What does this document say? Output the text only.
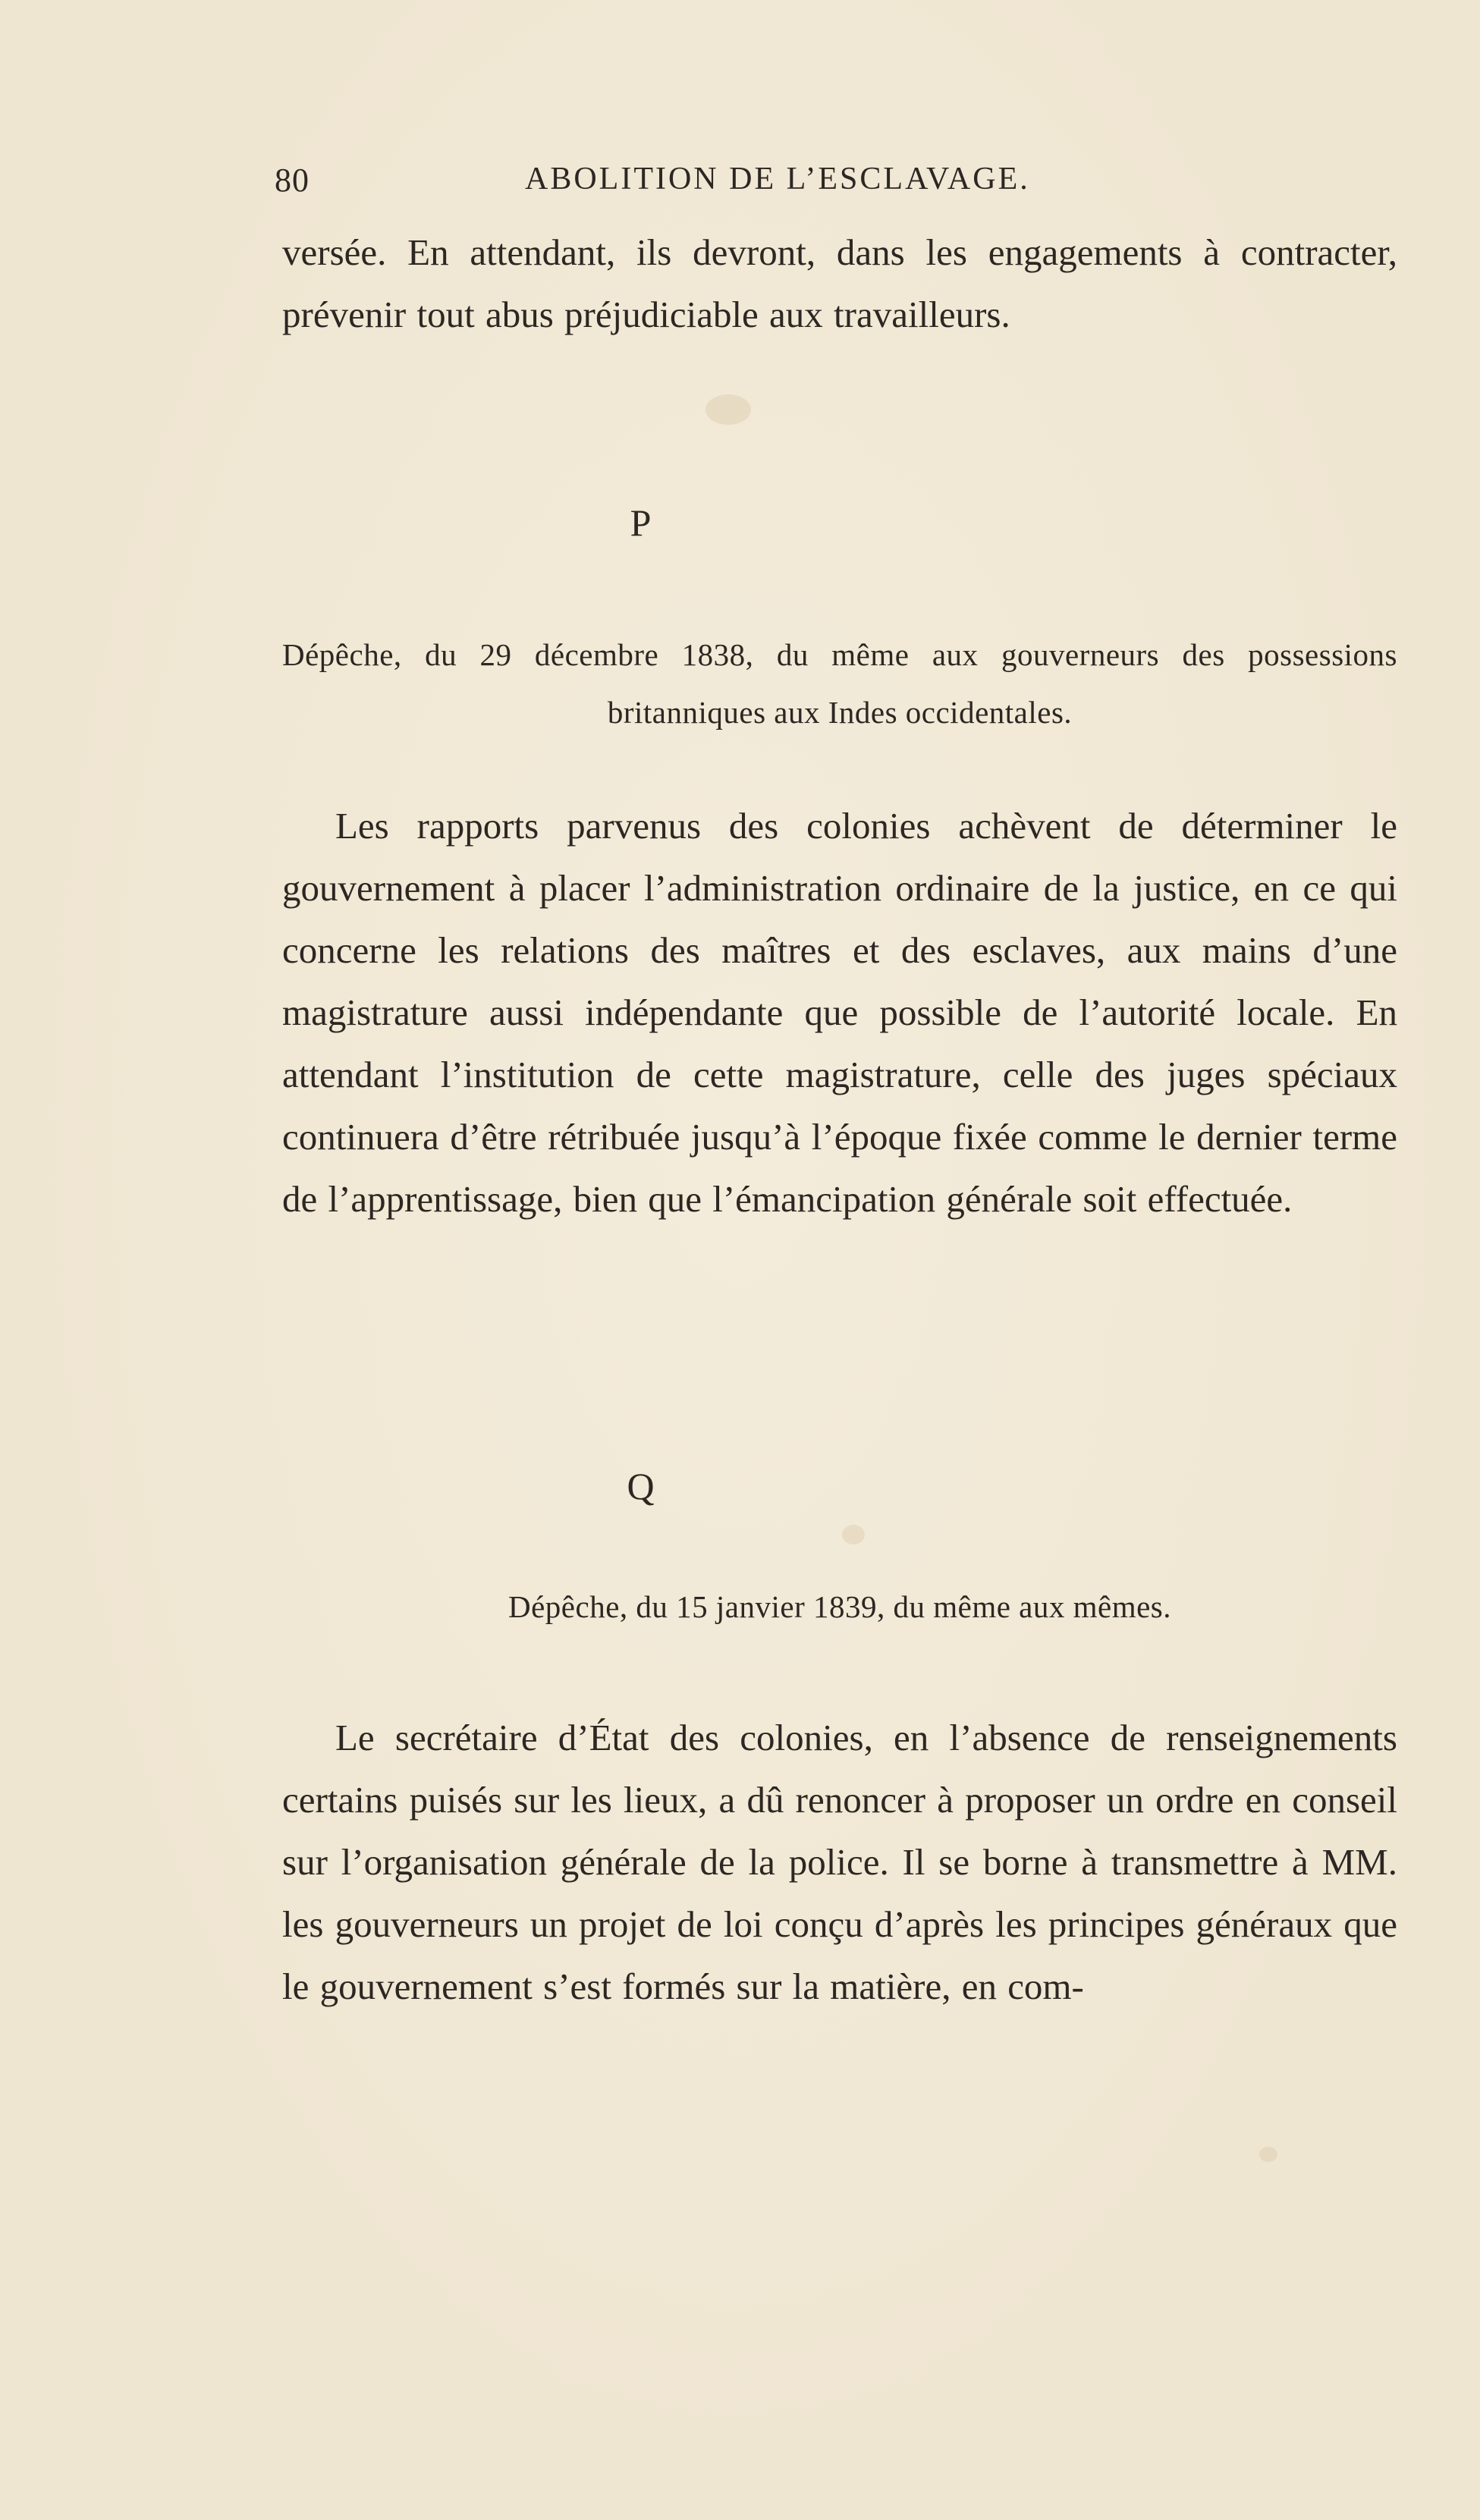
80	ABOLITION DE L’ESCLAVAGE.
versée. En attendant, ils devront, dans les engagements à contracter, prévenir tout abus préjudiciable aux travailleurs.
P
Dépêche, du 29 décembre 1838, du même aux gouverneurs des possessions britanniques aux Indes occidentales.
Les rapports parvenus des colonies achèvent de déterminer le gouvernement à placer l’administration ordinaire de la justice, en ce qui concerne les relations des maîtres et des esclaves, aux mains d’une magistrature aussi indépendante que possible de l’autorité locale. En attendant l’institution de cette magistrature, celle des juges spéciaux continuera d’être rétribuée jusqu’à l’époque fixée comme le dernier terme de l’apprentissage, bien que l’émancipation générale soit effectuée.
Q
Dépêche, du 15 janvier 1839, du même aux mêmes.
Le secrétaire d’État des colonies, en l’absence de renseignements certains puisés sur les lieux, a dû renoncer à proposer un ordre en conseil sur l’organisation générale de la police. Il se borne à transmettre à MM. les gouverneurs un projet de loi conçu d’après les principes généraux que le gouvernement s’est formés sur la matière, en com-
